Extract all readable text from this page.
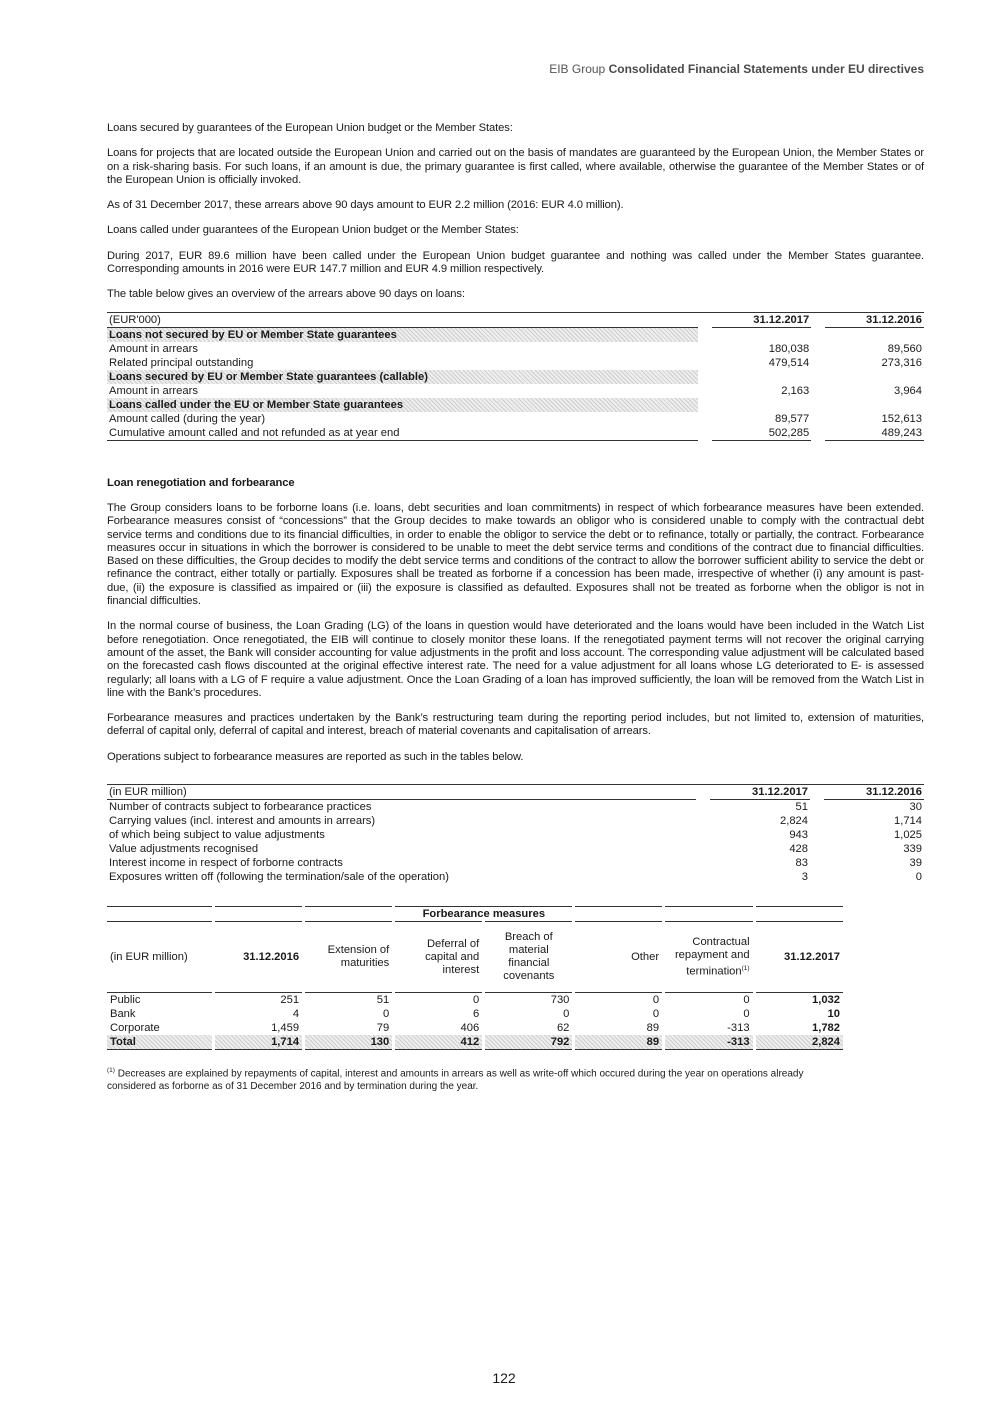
EIB Group Consolidated Financial Statements under EU directives

Loans secured by guarantees of the European Union budget or the Member States:

Loans for projects that are located outside the European Union and carried out on the basis of mandates are guaranteed by the European Union, the Member States or on a risk-sharing basis. For such loans, if an amount is due, the primary guarantee is first called, where available, otherwise the guarantee of the Member States or of the European Union is officially invoked.

As of 31 December 2017, these arrears above 90 days amount to EUR 2.2 million (2016: EUR 4.0 million).

Loans called under guarantees of the European Union budget or the Member States:

During 2017, EUR 89.6 million have been called under the European Union budget guarantee and nothing was called under the Member States guarantee. Corresponding amounts in 2016 were EUR 147.7 million and EUR 4.9 million respectively.

The table below gives an overview of the arrears above 90 days on loans:

(EUR'000)		31.12.2017		31.12.2016
Loans not secured by EU or Member State guarantees				
Amount in arrears		180,038		89,560
Related principal outstanding		479,514		273,316
Loans secured by EU or Member State guarantees (callable)				
Amount in arrears		2,163		3,964
Loans called under the EU or Member State guarantees				
Amount called (during the year)		89,577		152,613
Cumulative amount called and not refunded as at year end		502,285		489,243

Loan renegotiation and forbearance

The Group considers loans to be forborne loans (i.e. loans, debt securities and loan commitments) in respect of which forbearance measures have been extended. Forbearance measures consist of “concessions” that the Group decides to make towards an obligor who is considered unable to comply with the contractual debt service terms and conditions due to its financial difficulties, in order to enable the obligor to service the debt or to refinance, totally or partially, the contract. Forbearance measures occur in situations in which the borrower is considered to be unable to meet the debt service terms and conditions of the contract due to financial difficulties. Based on these difficulties, the Group decides to modify the debt service terms and conditions of the contract to allow the borrower sufficient ability to service the debt or refinance the contract, either totally or partially. Exposures shall be treated as forborne if a concession has been made, irrespective of whether (i) any amount is past-due, (ii) the exposure is classified as impaired or (iii) the exposure is classified as defaulted. Exposures shall not be treated as forborne when the obligor is not in financial difficulties.

In the normal course of business, the Loan Grading (LG) of the loans in question would have deteriorated and the loans would have been included in the Watch List before renegotiation. Once renegotiated, the EIB will continue to closely monitor these loans. If the renegotiated payment terms will not recover the original carrying amount of the asset, the Bank will consider accounting for value adjustments in the profit and loss account. The corresponding value adjustment will be calculated based on the forecasted cash flows discounted at the original effective interest rate. The need for a value adjustment for all loans whose LG deteriorated to E- is assessed regularly; all loans with a LG of F require a value adjustment. Once the Loan Grading of a loan has improved sufficiently, the loan will be removed from the Watch List in line with the Bank’s procedures.

Forbearance measures and practices undertaken by the Bank’s restructuring team during the reporting period includes, but not limited to, extension of maturities, deferral of capital only, deferral of capital and interest, breach of material covenants and capitalisation of arrears.

Operations subject to forbearance measures are reported as such in the tables below.

(in EUR million)		31.12.2017		31.12.2016
Number of contracts subject to forbearance practices		51		30
Carrying values (incl. interest and amounts in arrears)		2,824		1,714
of which being subject to value adjustments		943		1,025
Value adjustments recognised		428		339
Interest income in respect of forborne contracts		83		39
Exposures written off (following the termination/sale of the operation)		3		0
			Forbearance measures				
(in EUR million)	31.12.2016	Extension of maturities	Deferral of capital and interest	Breach of material financial covenants	Other	Contractual repayment and termination$^{(1)}$	31.12.2017
Public	251	51	0	730	0	0	1,032
Bank	4	0	6	0	0	0	10
Corporate	1,459	79	406	62	89	-313	1,782
Total	1,714	130	412	792	89	-313	2,824
$^{(1)}$ Decreases are explained by repayments of capital, interest and amounts in arrears as well as write-off which occured during the year on operations already considered as forborne as of 31 December 2016 and by termination during the year.
122
